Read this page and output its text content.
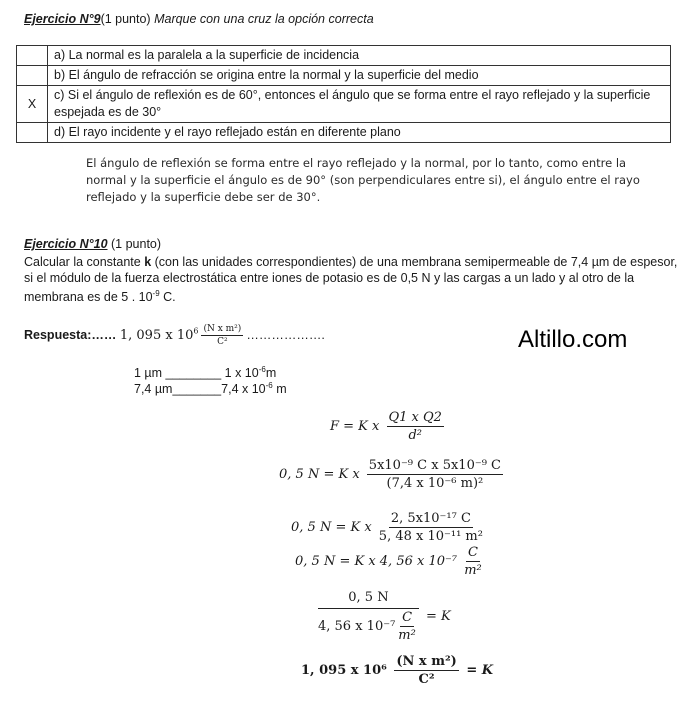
Ejercicio N°9(1 punto) Marque con una cruz la opción correcta
	a) La normal es la paralela a la superficie de incidencia
	b) El ángulo de refracción se origina entre la normal y la superficie del medio
X	c) Si el ángulo de reflexión es de 60°, entonces el ángulo que se forma entre el rayo reflejado y la superficie espejada es de 30°
	d) El rayo incidente y el rayo reflejado están en diferente plano
El ángulo de reflexión se forma entre el rayo reflejado y la normal, por lo tanto, como entre la normal y la superficie el ángulo es de 90° (son perpendiculares entre si), el ángulo entre el rayo reflejado y la superficie debe ser de 30°.
Ejercicio N°10 (1 punto)
Calcular la constante k (con las unidades correspondientes) de una membrana semipermeable de 7,4 µm de espesor, si el módulo de la fuerza electrostática entre iones de potasio es de 0,5 N y las cargas a un lado y al otro de la membrana es de 5 . $10^{-9}$ C.
Respuesta:…… 1, 095 x $10^6 \frac{\text{(N x m²)}}{\text{C²}}$ ……………….	Altillo.com
1 µm ________ 1 x $10^{-6}m$
7,4 µm_______7,4 x $10^{-6}$ m
F = K x $\frac{\text{Q1 x Q2}}{\text{d²}}$
0, 5 N = K x $\frac{\text{5x10⁻⁹ C x 5x10⁻⁹ C}}{\text{(7,4 x 10⁻⁶ m)²}}$
0, 5 N = K x $\frac{\text{2, 5x10⁻¹⁷ C}}{\text{5, 48 x 10⁻¹¹ m²}}$
0, 5 N = K x 4, 56 x $10^{-7} \frac{C}{\text{m²}}$
$\frac{0, 5 N}{4, 56 x 10^{-7} \frac{C}{\text{m²}}} = K$
1, 095 x $10^6 \frac{\text{(N x m²)}}{\text{C²}} = K$
